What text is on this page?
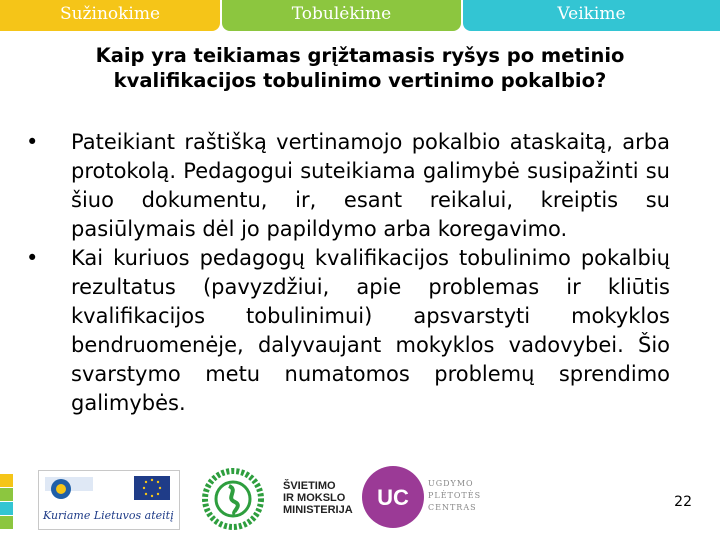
Sužinokime	Tobulėkime	Veikime
Kaip yra teikiamas grįžtamasis ryšys po metinio
kvalifikacijos tobulinimo vertinimo pokalbio?
•	Pateikiant raštišką vertinamojo pokalbio ataskaitą, arba protokolą. Pedagogui suteikiama galimybė susipažinti su šiuo dokumentu, ir, esant reikalui, kreiptis su pasiūlymais dėl jo papildymo arba koregavimo.
•	Kai kuriuos pedagogų kvalifikacijos tobulinimo pokalbių rezultatus (pavyzdžiui, apie problemas ir kliūtis kvalifikacijos tobulinimui) apsvarstyti mokyklos bendruomenėje, dalyvaujant mokyklos vadovybei. Šio svarstymo metu numatomos problemų sprendimo galimybės.
Kuriame Lietuvos ateitį
ŠVIETIMO
IR MOKSLO
MINISTERIJA UC
UGDYMO
PLĖTOTĖS
CENTRAS	22
